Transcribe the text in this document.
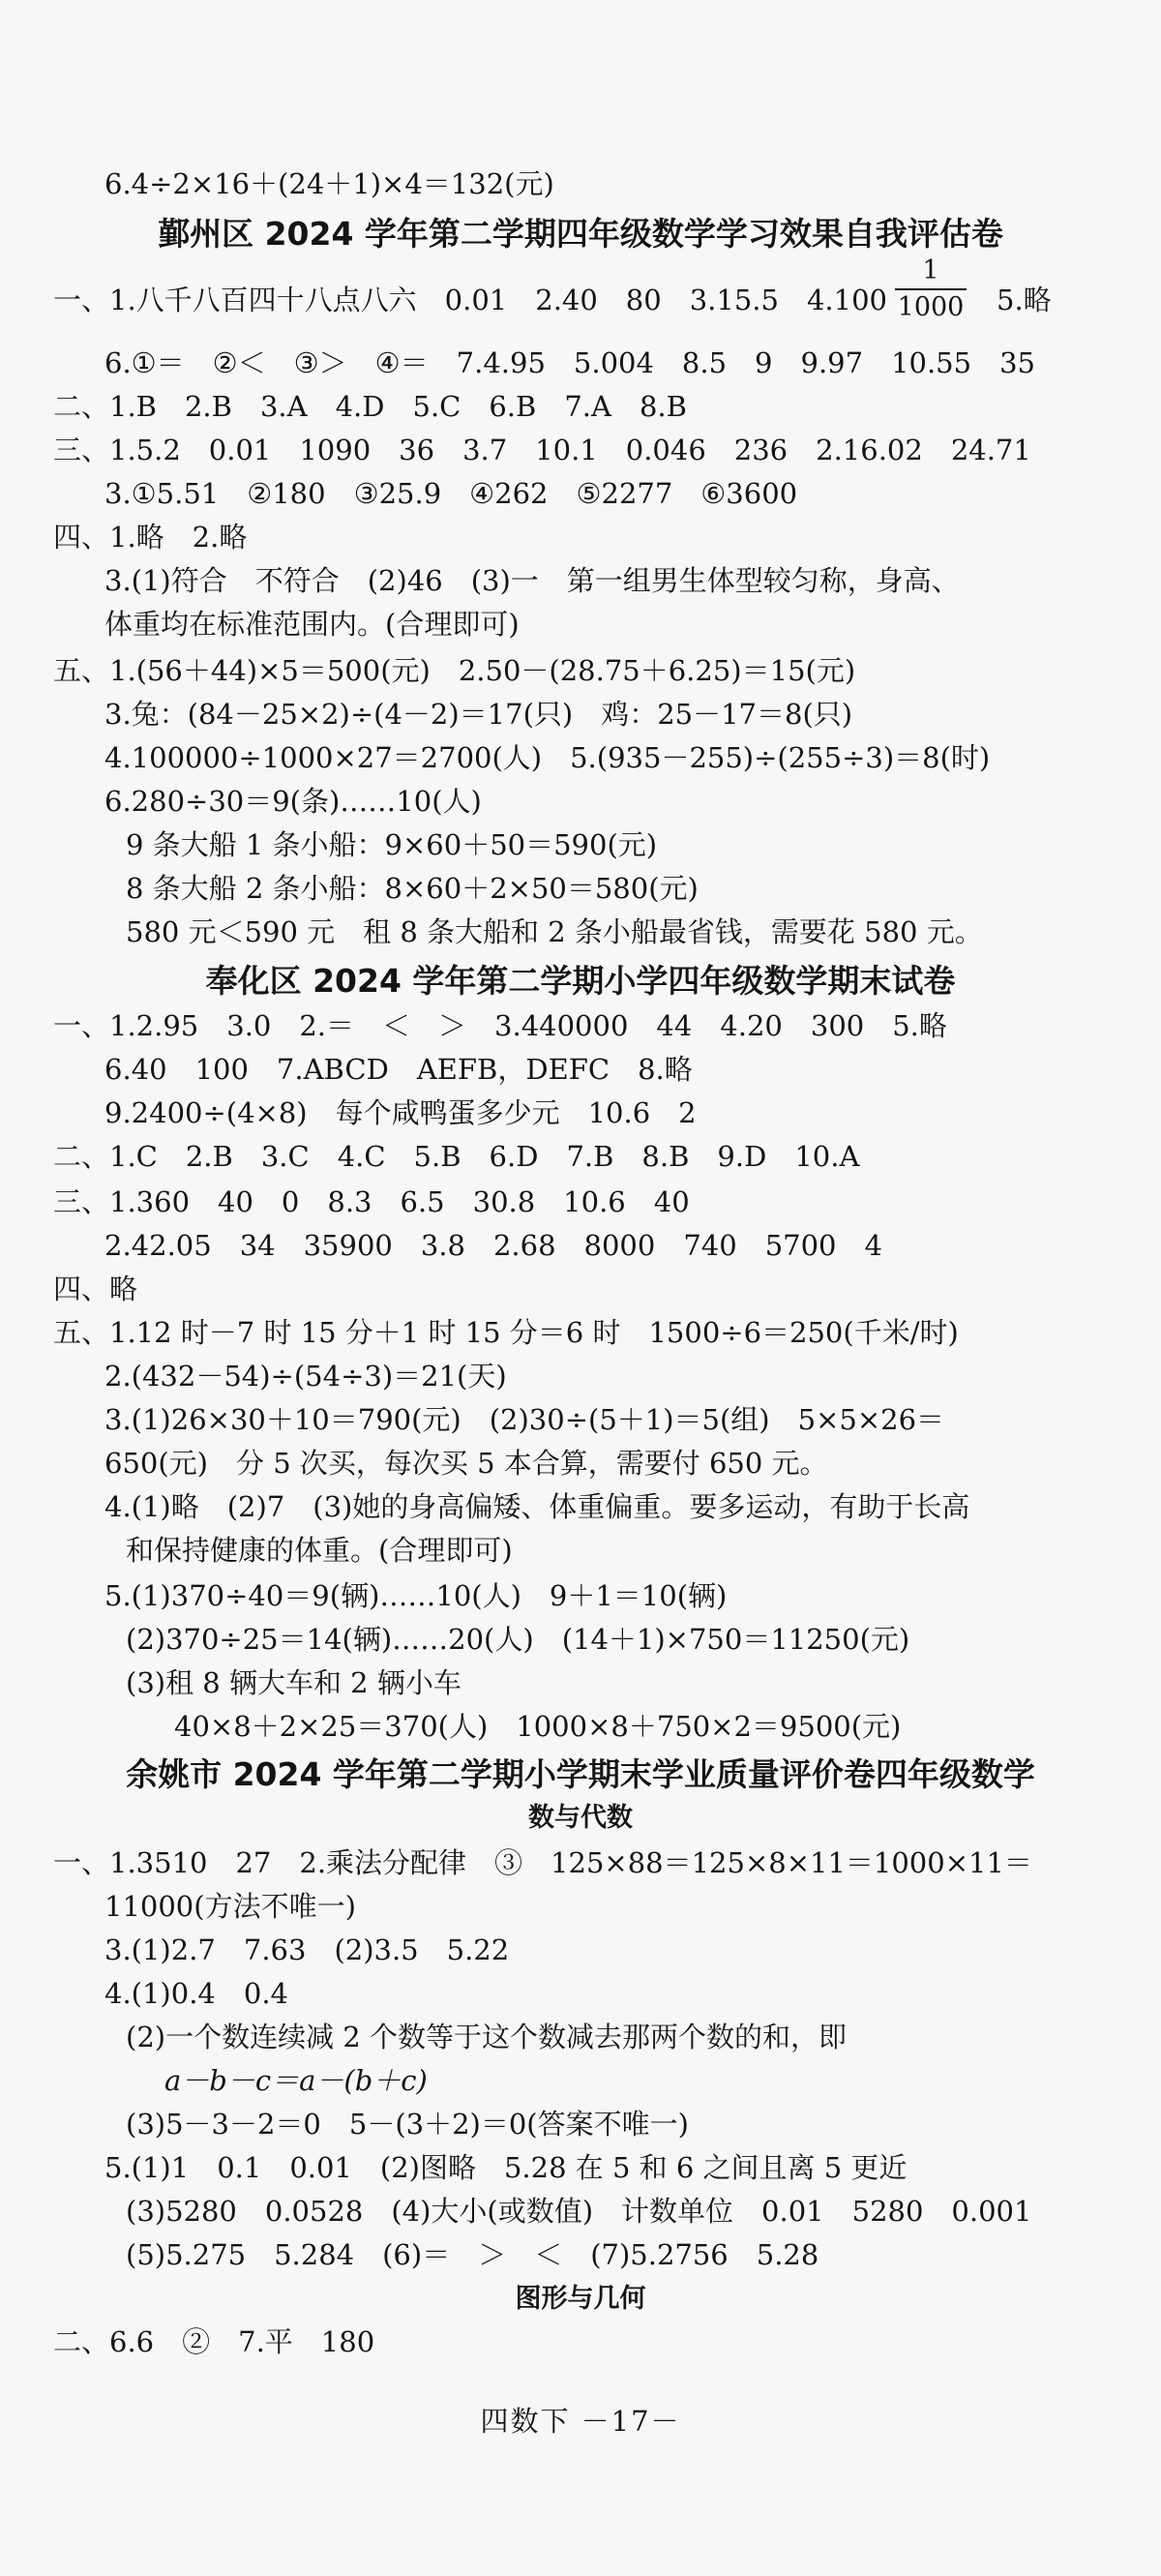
6.4÷2×16＋(24＋1)×4＝132(元)
鄞州区 2024 学年第二学期四年级数学学习效果自我评估卷
一、1.八千八百四十八点八六　0.01　2.40　80　3.15.5　4.100
1
1000 5.略
6.①＝　②＜　③＞　④＝　7.4.95　5.004　8.5　9　9.97　10.55　35
二、1.B　2.B　3.A　4.D　5.C　6.B　7.A　8.B
三、1.5.2　0.01　1090　36　3.7　10.1　0.046　236　2.16.02　24.71
3.①5.51　②180　③25.9　④262　⑤2277　⑥3600
四、1.略　2.略
3.(1)符合　不符合　(2)46　(3)一　第一组男生体型较匀称，身高、
体重均在标准范围内。(合理即可)
五、1.(56＋44)×5＝500(元)　2.50－(28.75＋6.25)＝15(元)
3.兔：(84－25×2)÷(4－2)＝17(只)　鸡：25－17＝8(只)
4.100000÷1000×27＝2700(人)　5.(935－255)÷(255÷3)＝8(时)
6.280÷30＝9(条)……10(人)
9 条大船 1 条小船：9×60＋50＝590(元)
8 条大船 2 条小船：8×60＋2×50＝580(元)
580 元＜590 元　租 8 条大船和 2 条小船最省钱，需要花 580 元。
奉化区 2024 学年第二学期小学四年级数学期末试卷
一、1.2.95　3.0　2.＝　＜　＞　3.440000　44　4.20　300　5.略
6.40　100　7.ABCD　AEFB，DEFC　8.略
9.2400÷(4×8)　每个咸鸭蛋多少元　10.6　2
二、1.C　2.B　3.C　4.C　5.B　6.D　7.B　8.B　9.D　10.A
三、1.360　40　0　8.3　6.5　30.8　10.6　40
2.42.05　34　35900　3.8　2.68　8000　740　5700　4
四、略
五、1.12 时－7 时 15 分＋1 时 15 分＝6 时　1500÷6＝250(千米/时)
2.(432－54)÷(54÷3)＝21(天)
3.(1)26×30＋10＝790(元)　(2)30÷(5＋1)＝5(组)　5×5×26＝
650(元)　分 5 次买，每次买 5 本合算，需要付 650 元。
4.(1)略　(2)7　(3)她的身高偏矮、体重偏重。要多运动，有助于长高
和保持健康的体重。(合理即可)
5.(1)370÷40＝9(辆)……10(人)　9＋1＝10(辆)
(2)370÷25＝14(辆)……20(人)　(14＋1)×750＝11250(元)
(3)租 8 辆大车和 2 辆小车
40×8＋2×25＝370(人)　1000×8＋750×2＝9500(元)
余姚市 2024 学年第二学期小学期末学业质量评价卷四年级数学
数与代数
一、1.3510　27　2.乘法分配律　③　125×88＝125×8×11＝1000×11＝
11000(方法不唯一)
3.(1)2.7　7.63　(2)3.5　5.22
4.(1)0.4　0.4
(2)一个数连续减 2 个数等于这个数减去那两个数的和，即
a－b－c＝a－(b＋c)
(3)5－3－2＝0　5－(3＋2)＝0(答案不唯一)
5.(1)1　0.1　0.01　(2)图略　5.28 在 5 和 6 之间且离 5 更近
(3)5280　0.0528　(4)大小(或数值)　计数单位　0.01　5280　0.001
(5)5.275　5.284　(6)＝　＞　＜　(7)5.2756　5.28
图形与几何
二、6.6　②　7.平　180
四数下 －17－
